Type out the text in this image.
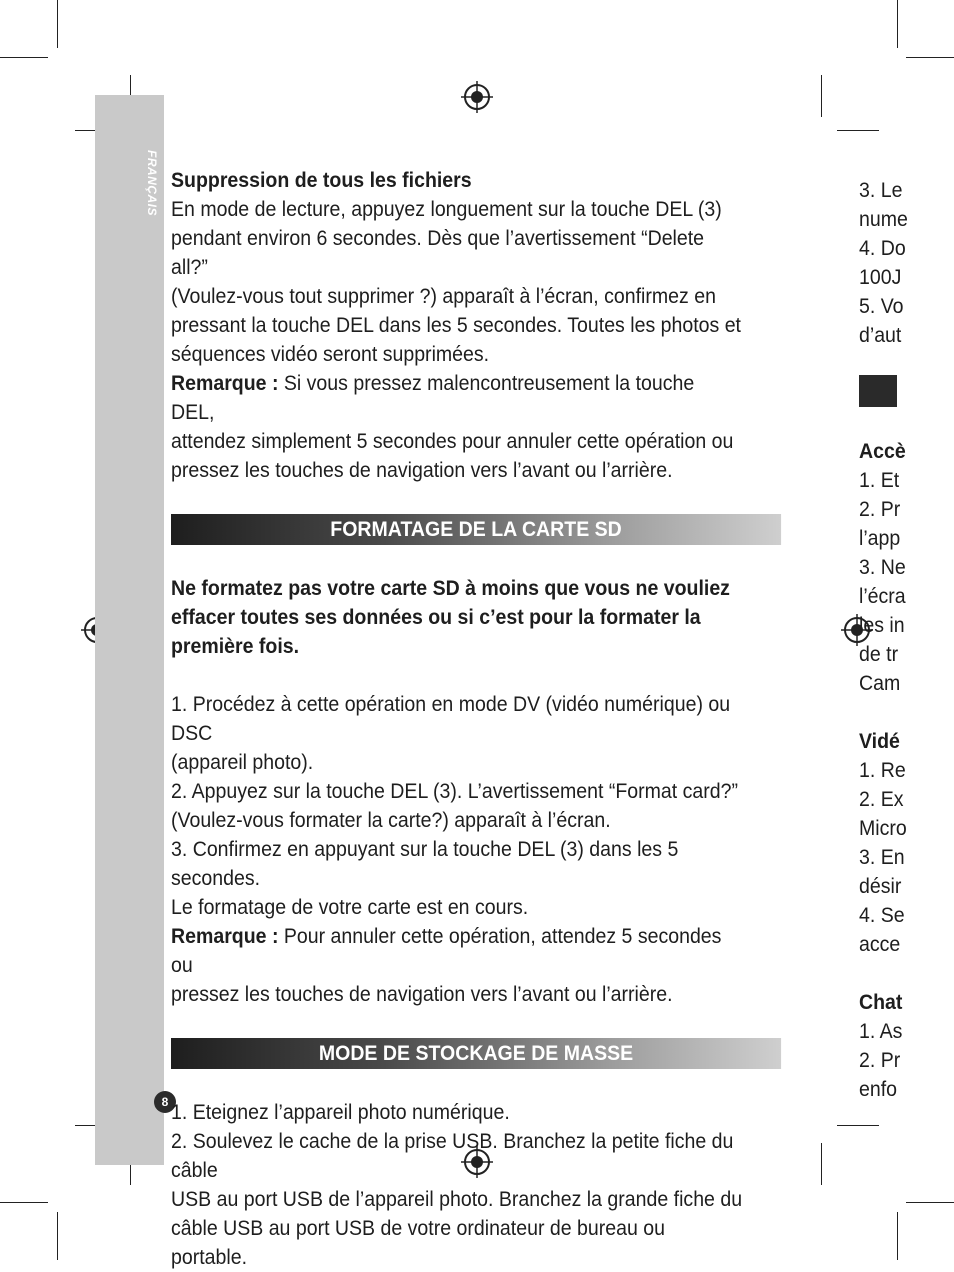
FRANÇAIS
8

Suppression de tous les fichiers

En mode de lecture, appuyez longuement sur la touche DEL (3)

pendant environ 6 secondes. Dès que l’avertissement “Delete all?”

(Voulez-vous tout supprimer ?) apparaît à l’écran, confirmez en

pressant la touche DEL dans les 5 secondes. Toutes les photos et

séquences vidéo seront supprimées.

Remarque : Si vous pressez malencontreusement la touche DEL,

attendez simplement 5 secondes pour annuler cette opération ou

pressez les touches de navigation vers l’avant ou l’arrière.

FORMATAGE DE LA CARTE SD

Ne formatez pas votre carte SD à moins que vous ne vouliez

effacer toutes ses données ou si c’est pour la formater la

première fois.

1. Procédez à cette opération en mode DV (vidéo numérique) ou DSC

(appareil photo).

2. Appuyez sur la touche DEL (3). L’avertissement “Format card?”

(Voulez-vous formater la carte?) apparaît à l’écran.

3. Confirmez en appuyant sur la touche DEL (3) dans les 5 secondes.

Le formatage de votre carte est en cours.

Remarque : Pour annuler cette opération, attendez 5 secondes ou

pressez les touches de navigation vers l’avant ou l’arrière.

MODE DE STOCKAGE DE MASSE

1. Eteignez l’appareil photo numérique.

2. Soulevez le cache de la prise USB. Branchez la petite fiche du câble

USB au port USB de l’appareil photo. Branchez la grande fiche du

câble USB au port USB de votre ordinateur de bureau ou portable.

3. Le
nume
4. Do
100J
5. Vo
d’aut
Accè
1. Et
2. Pr
l’app
3. Ne
l’écra
les in
de tr
Cam
Vidé
1. Re
2. Ex
Micro
3. En
désir
4. Se
acce
Chat
1. As
2. Pr
enfo
